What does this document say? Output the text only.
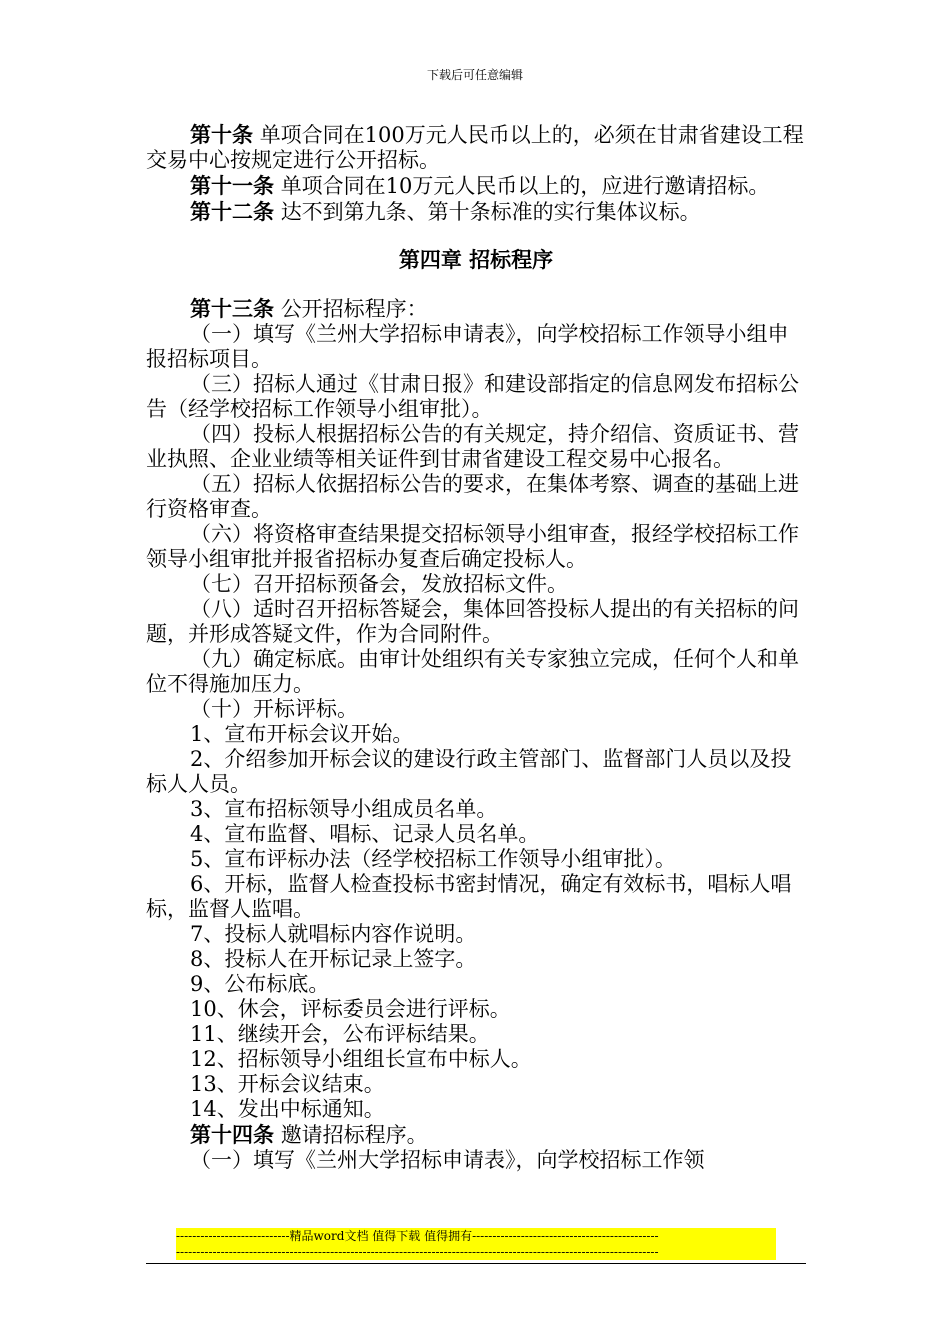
下载后可任意编辑

第十条 单项合同在100万元人民币以上的，必须在甘肃省建设工程交易中心按规定进行公开招标。

第十一条 单项合同在10万元人民币以上的，应进行邀请招标。

第十二条 达不到第九条、第十条标准的实行集体议标。

第四章 招标程序

第十三条 公开招标程序：

（一）填写《兰州大学招标申请表》，向学校招标工作领导小组申报招标项目。

（三）招标人通过《甘肃日报》和建设部指定的信息网发布招标公告（经学校招标工作领导小组审批）。

（四）投标人根据招标公告的有关规定，持介绍信、资质证书、营业执照、企业业绩等相关证件到甘肃省建设工程交易中心报名。

（五）招标人依据招标公告的要求，在集体考察、调查的基础上进行资格审查。

（六）将资格审查结果提交招标领导小组审查，报经学校招标工作领导小组审批并报省招标办复查后确定投标人。

（七）召开招标预备会，发放招标文件。

（八）适时召开招标答疑会，集体回答投标人提出的有关招标的问题，并形成答疑文件，作为合同附件。

（九）确定标底。由审计处组织有关专家独立完成，任何个人和单位不得施加压力。

（十）开标评标。

1、宣布开标会议开始。

2、介绍参加开标会议的建设行政主管部门、监督部门人员以及投标人人员。

3、宣布招标领导小组成员名单。

4、宣布监督、唱标、记录人员名单。

5、宣布评标办法（经学校招标工作领导小组审批）。

6、开标，监督人检查投标书密封情况，确定有效标书，唱标人唱标，监督人监唱。

7、投标人就唱标内容作说明。

8、投标人在开标记录上签字。

9、公布标底。

10、休会，评标委员会进行评标。

11、继续开会，公布评标结果。

12、招标领导小组组长宣布中标人。

13、开标会议结束。

14、发出中标通知。

第十四条 邀请招标程序。

（一）填写《兰州大学招标申请表》，向学校招标工作领

----------------------------精品word文档 值得下载 值得拥有----------------------------------------------
-----------------------------------------------------------------------------------------------------------------------
